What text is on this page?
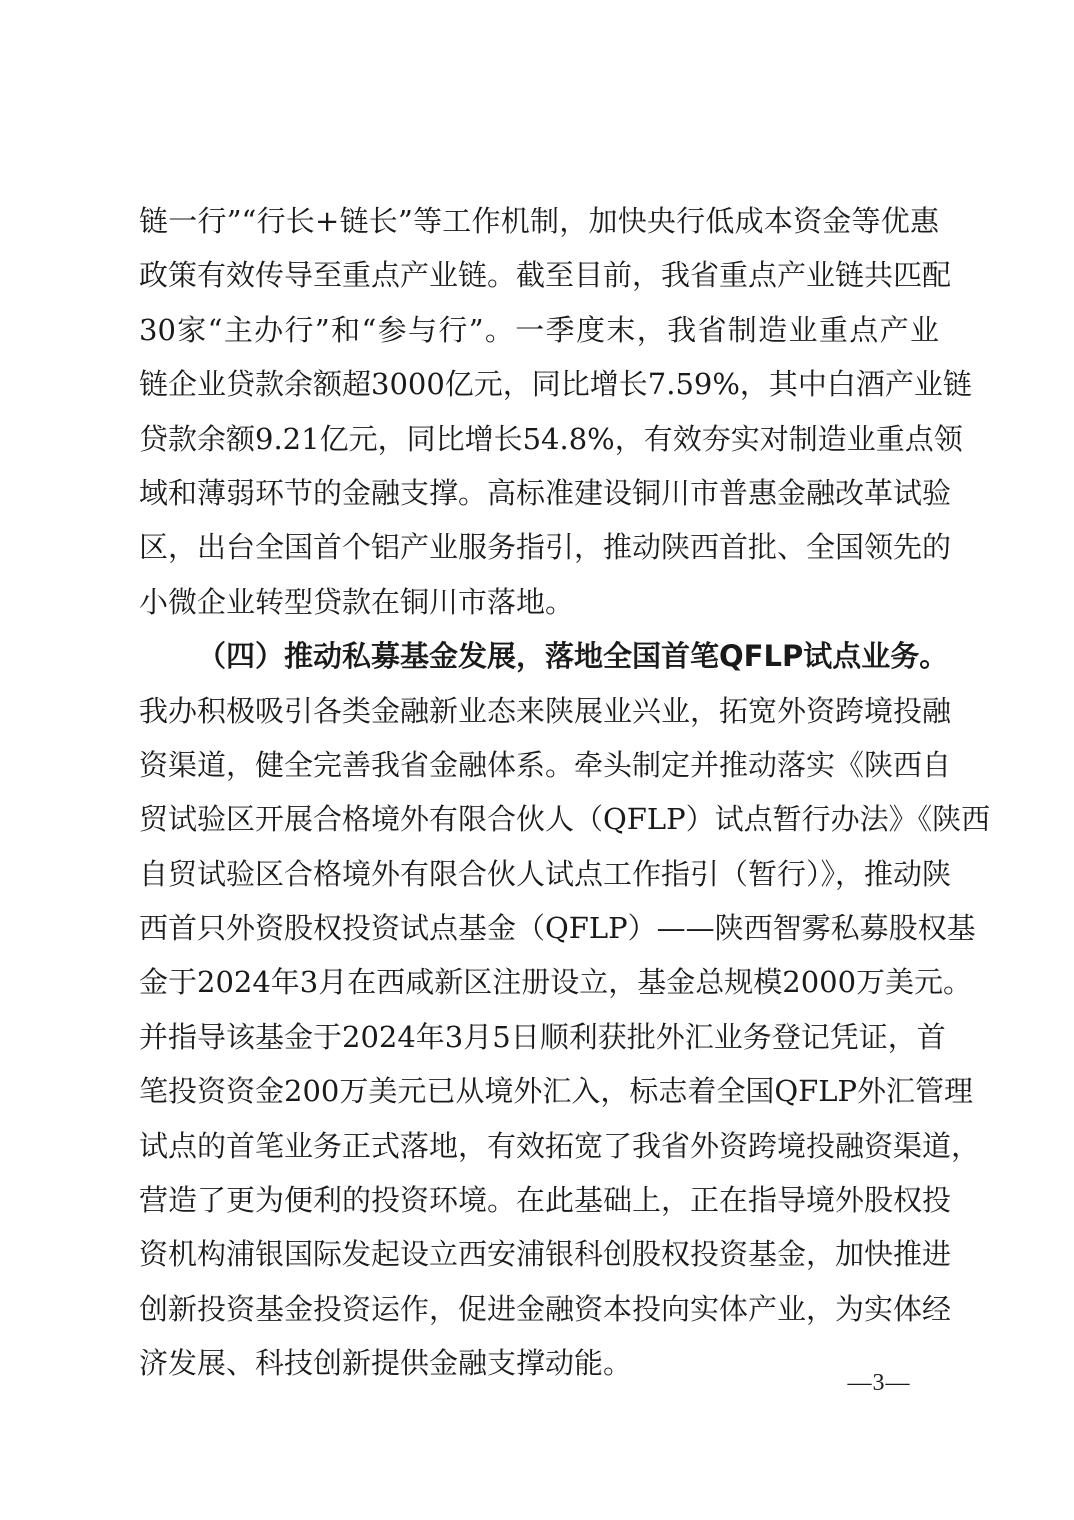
链一行”“行长+链长”等工作机制，加快央行低成本资金等优惠
政策有效传导至重点产业链。截至目前，我省重点产业链共匹配
30家“主办行”和“参与行”。一季度末，我省制造业重点产业
链企业贷款余额超3000亿元，同比增长7.59%，其中白酒产业链
贷款余额9.21亿元，同比增长54.8%，有效夯实对制造业重点领
域和薄弱环节的金融支撑。高标准建设铜川市普惠金融改革试验
区，出台全国首个铝产业服务指引，推动陕西首批、全国领先的
小微企业转型贷款在铜川市落地。
（四）推动私募基金发展，落地全国首笔QFLP试点业务。
我办积极吸引各类金融新业态来陕展业兴业，拓宽外资跨境投融
资渠道，健全完善我省金融体系。牵头制定并推动落实《陕西自
贸试验区开展合格境外有限合伙人（QFLP）试点暂行办法》《陕西
自贸试验区合格境外有限合伙人试点工作指引（暂行）》，推动陕
西首只外资股权投资试点基金（QFLP）——陕西智雾私募股权基
金于2024年3月在西咸新区注册设立，基金总规模2000万美元。
并指导该基金于2024年3月5日顺利获批外汇业务登记凭证，首
笔投资资金200万美元已从境外汇入，标志着全国QFLP外汇管理
试点的首笔业务正式落地，有效拓宽了我省外资跨境投融资渠道，
营造了更为便利的投资环境。在此基础上，正在指导境外股权投
资机构浦银国际发起设立西安浦银科创股权投资基金，加快推进
创新投资基金投资运作，促进金融资本投向实体产业，为实体经
济发展、科技创新提供金融支撑动能。
—3—
